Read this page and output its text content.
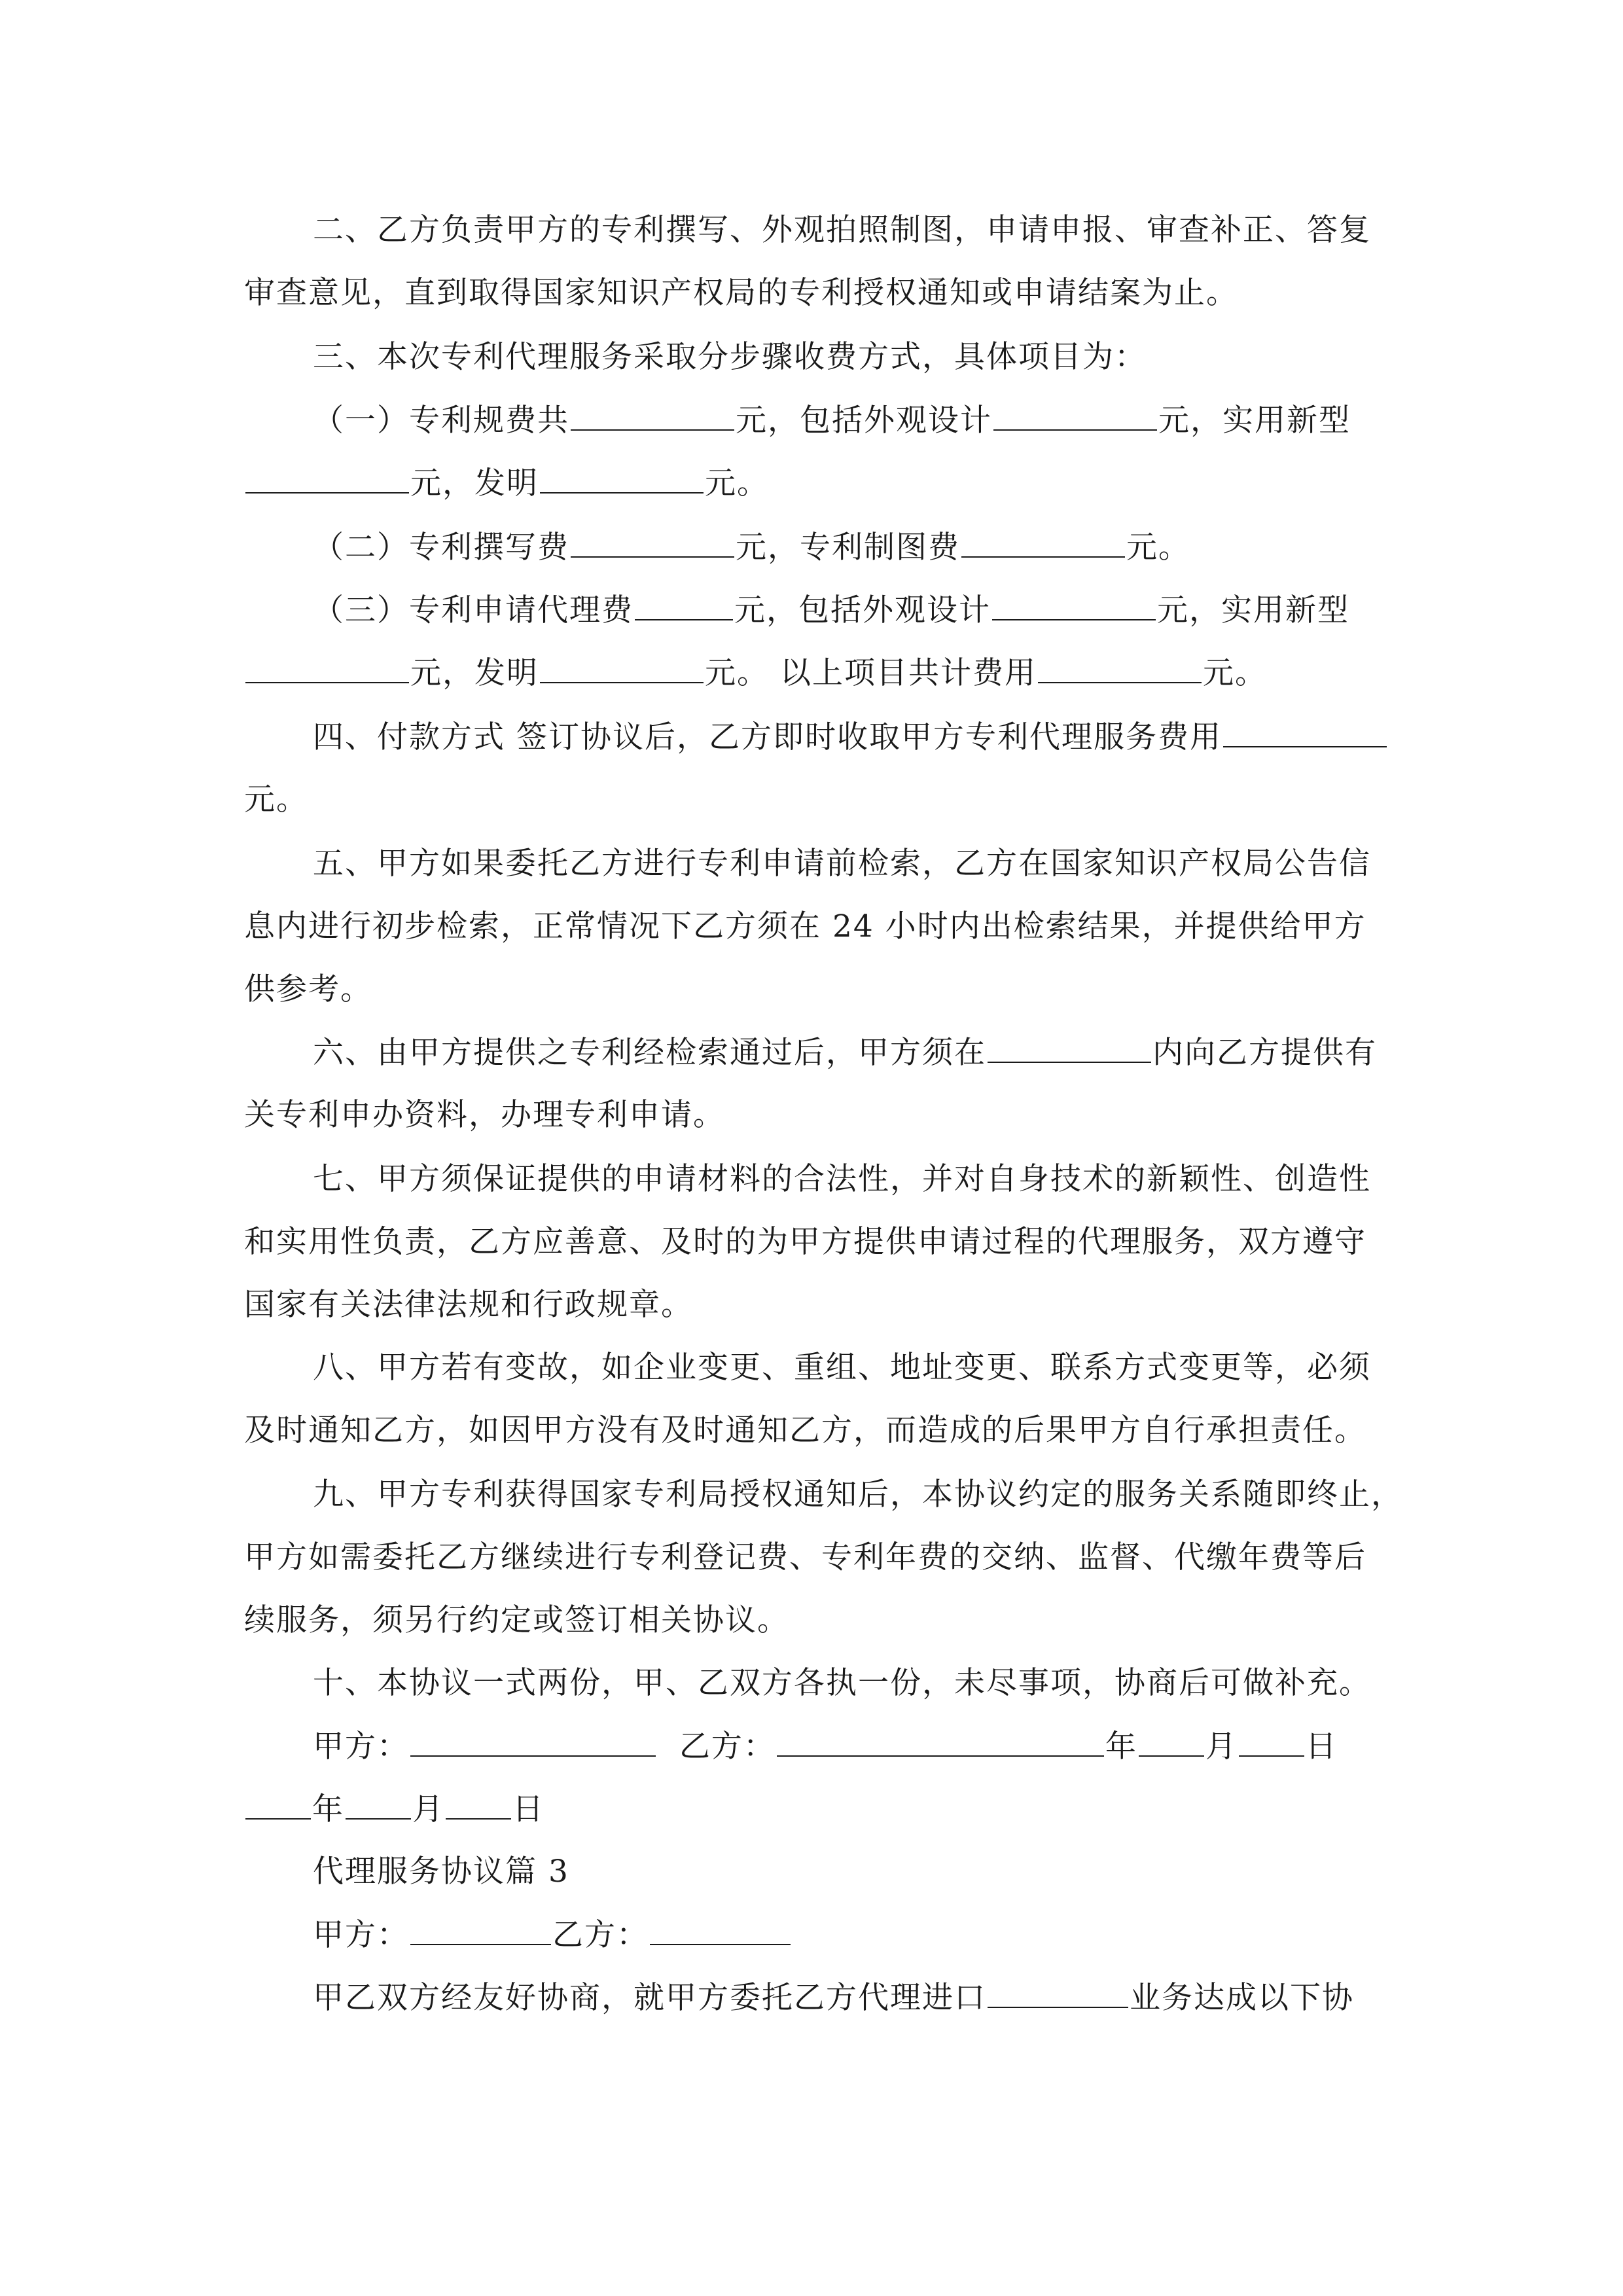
二、乙方负责甲方的专利撰写、外观拍照制图，申请申报、审查补正、答复
审查意见，直到取得国家知识产权局的专利授权通知或申请结案为止。
三、本次专利代理服务采取分步骤收费方式，具体项目为：
（一）专利规费共	元，包括外观设计	元，实用新型
元，发明	元。
（二）专利撰写费	元，专利制图费	元。
（三）专利申请代理费	元，包括外观设计	元，实用新型
元，发明	元。 以上项目共计费用	元。
四、付款方式 签订协议后，乙方即时收取甲方专利代理服务费用
元。
五、甲方如果委托乙方进行专利申请前检索，乙方在国家知识产权局公告信
息内进行初步检索，正常情况下乙方须在 24 小时内出检索结果，并提供给甲方
供参考。
六、由甲方提供之专利经检索通过后，甲方须在	内向乙方提供有
关专利申办资料，办理专利申请。
七、甲方须保证提供的申请材料的合法性，并对自身技术的新颖性、创造性
和实用性负责，乙方应善意、及时的为甲方提供申请过程的代理服务，双方遵守
国家有关法律法规和行政规章。
八、甲方若有变故，如企业变更、重组、地址变更、联系方式变更等，必须
及时通知乙方，如因甲方没有及时通知乙方，而造成的后果甲方自行承担责任。
九、甲方专利获得国家专利局授权通知后，本协议约定的服务关系随即终止，
甲方如需委托乙方继续进行专利登记费、专利年费的交纳、监督、代缴年费等后
续服务，须另行约定或签订相关协议。
十、本协议一式两份，甲、乙双方各执一份，未尽事项，协商后可做补充。
甲方：	乙方：	年 月 日
年 月 日
代理服务协议篇 3
甲方：	乙方：
甲乙双方经友好协商，就甲方委托乙方代理进口	业务达成以下协
